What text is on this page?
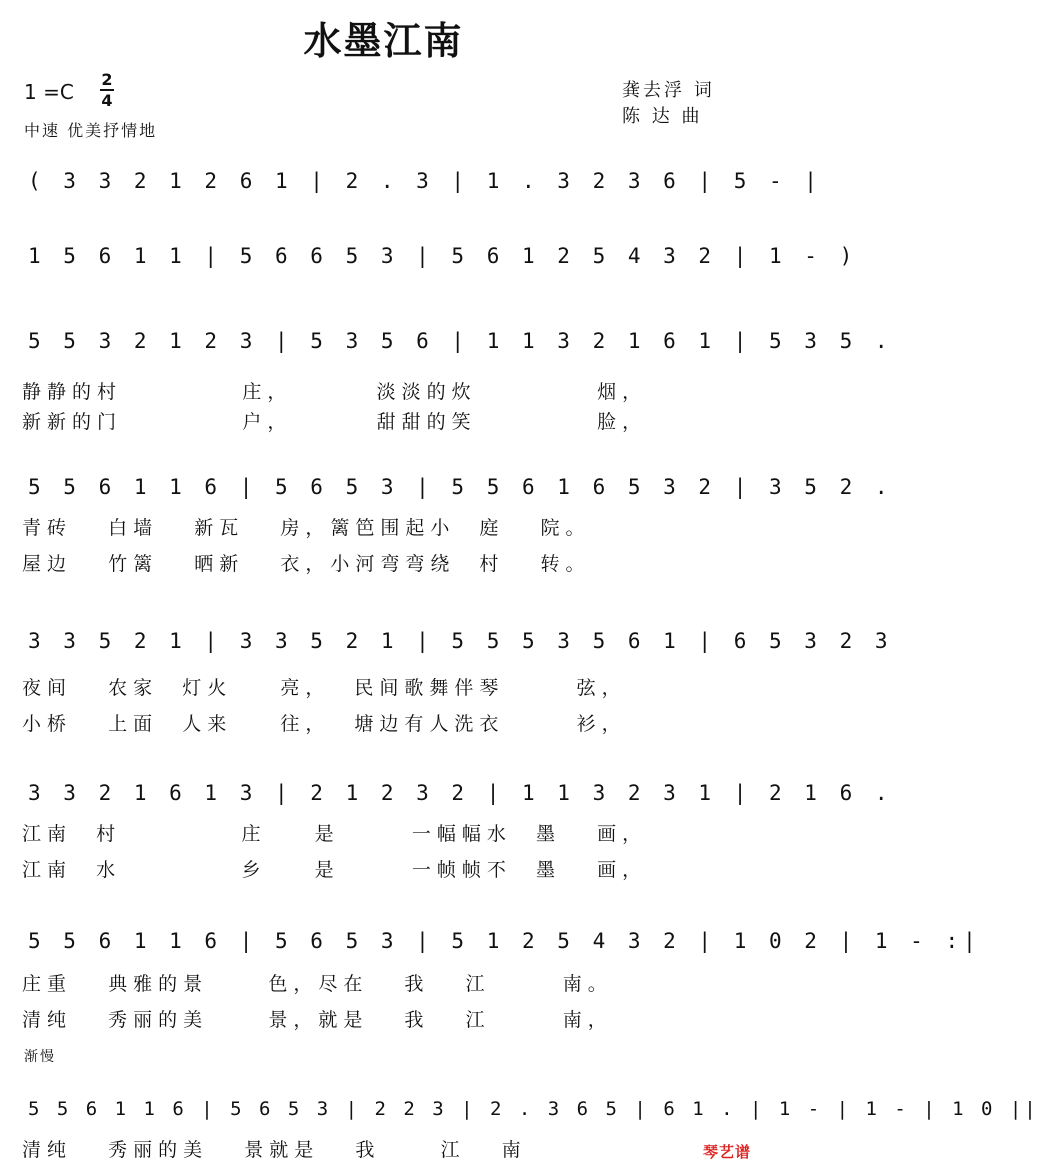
水墨江南
1 =C
2
4
中速 优美抒情地
龚去浮 词
陈 达 曲
( 3 3 2 1 2 6 1 | 2 . 3 | 1 . 3 2 3 6 | 5 - |
1 5 6 1 1 | 5 6 6 5 3 | 5 6 1 2 5 4 3 2 | 1 - )
5 5 3 2 1 2 3 | 5 3 5 6 | 1 1 3 2 1 6 1 | 5 3 5 .
静静的村          庄，       淡淡的炊          烟，
新新的门          户，       甜甜的笑          脸，
5 5 6 1 1 6 | 5 6 5 3 | 5 5 6 1 6 5 3 2 | 3 5 2 .
青砖   白墙   新瓦   房，篱笆围起小  庭   院。
屋边   竹篱   晒新   衣，小河弯弯绕  村   转。
3 3 5 2 1 | 3 3 5 2 1 | 5 5 5 3 5 6 1 | 6 5 3 2 3
夜间   农家  灯火    亮，  民间歌舞伴琴      弦，
小桥   上面  人来    往，  塘边有人洗衣      衫，
3 3 2 1 6 1 3 | 2 1 2 3 2 | 1 1 3 2 3 1 | 2 1 6 .
江南  村          庄    是      一幅幅水  墨   画，
江南  水          乡    是      一帧帧不  墨   画，
5 5 6 1 1 6 | 5 6 5 3 | 5 1 2 5 4 3 2 | 1 0 2 | 1 - :|
庄重   典雅的景     色，尽在   我   江      南。
清纯   秀丽的美     景，就是   我   江      南，
渐慢
5 5 6 1 1 6 | 5 6 5 3 | 2 2 3 | 2 . 3 6 5 | 6 1 . | 1 - | 1 - | 1 0 ||
清纯   秀丽的美   景就是   我     江   南	琴艺谱
